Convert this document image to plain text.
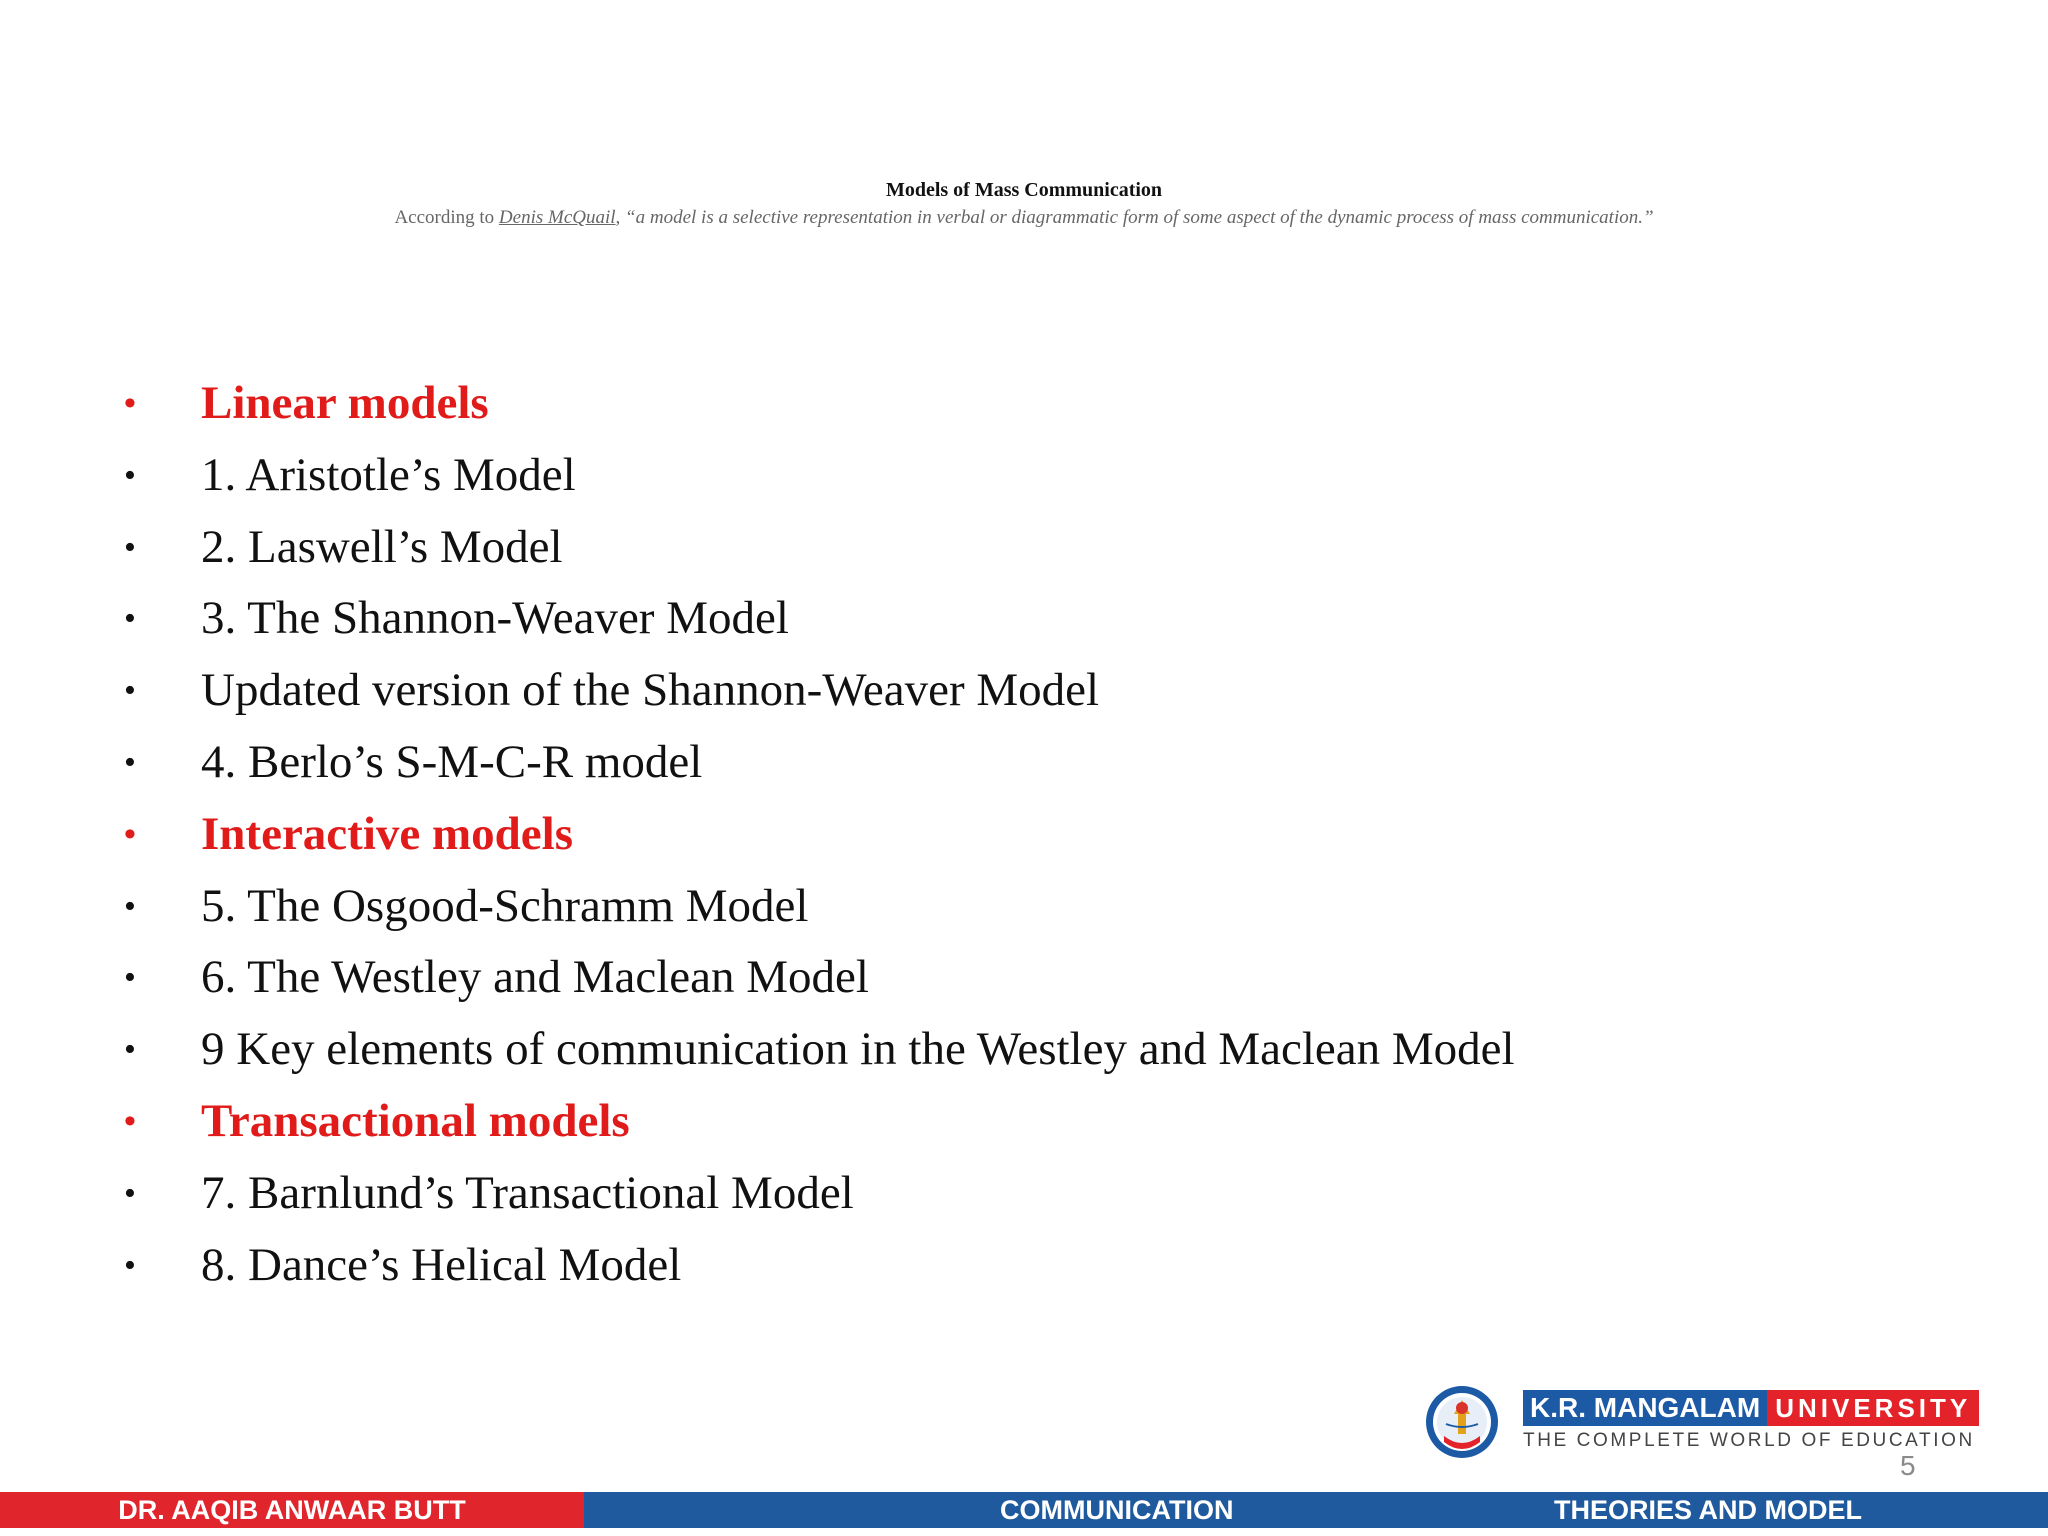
Models of Mass Communication
According to Denis McQuail, “a model is a selective representation in verbal or diagrammatic form of some aspect of the dynamic process of mass communication.”
• Linear models
• 1. Aristotle’s Model
• 2. Laswell’s Model
• 3. The Shannon-Weaver Model
• Updated version of the Shannon-Weaver Model
• 4. Berlo’s S-M-C-R model
• Interactive models
• 5. The Osgood-Schramm Model
• 6. The Westley and Maclean Model
• 9 Key elements of communication in the Westley and Maclean Model
• Transactional models
• 7. Barnlund’s Transactional Model
• 8. Dance’s Helical Model
K.R. MANGALAM UNIVERSITY
THE COMPLETE WORLD OF EDUCATION
5
DR. AAQIB ANWAAR BUTT	COMMUNICATION	THEORIES AND MODEL
